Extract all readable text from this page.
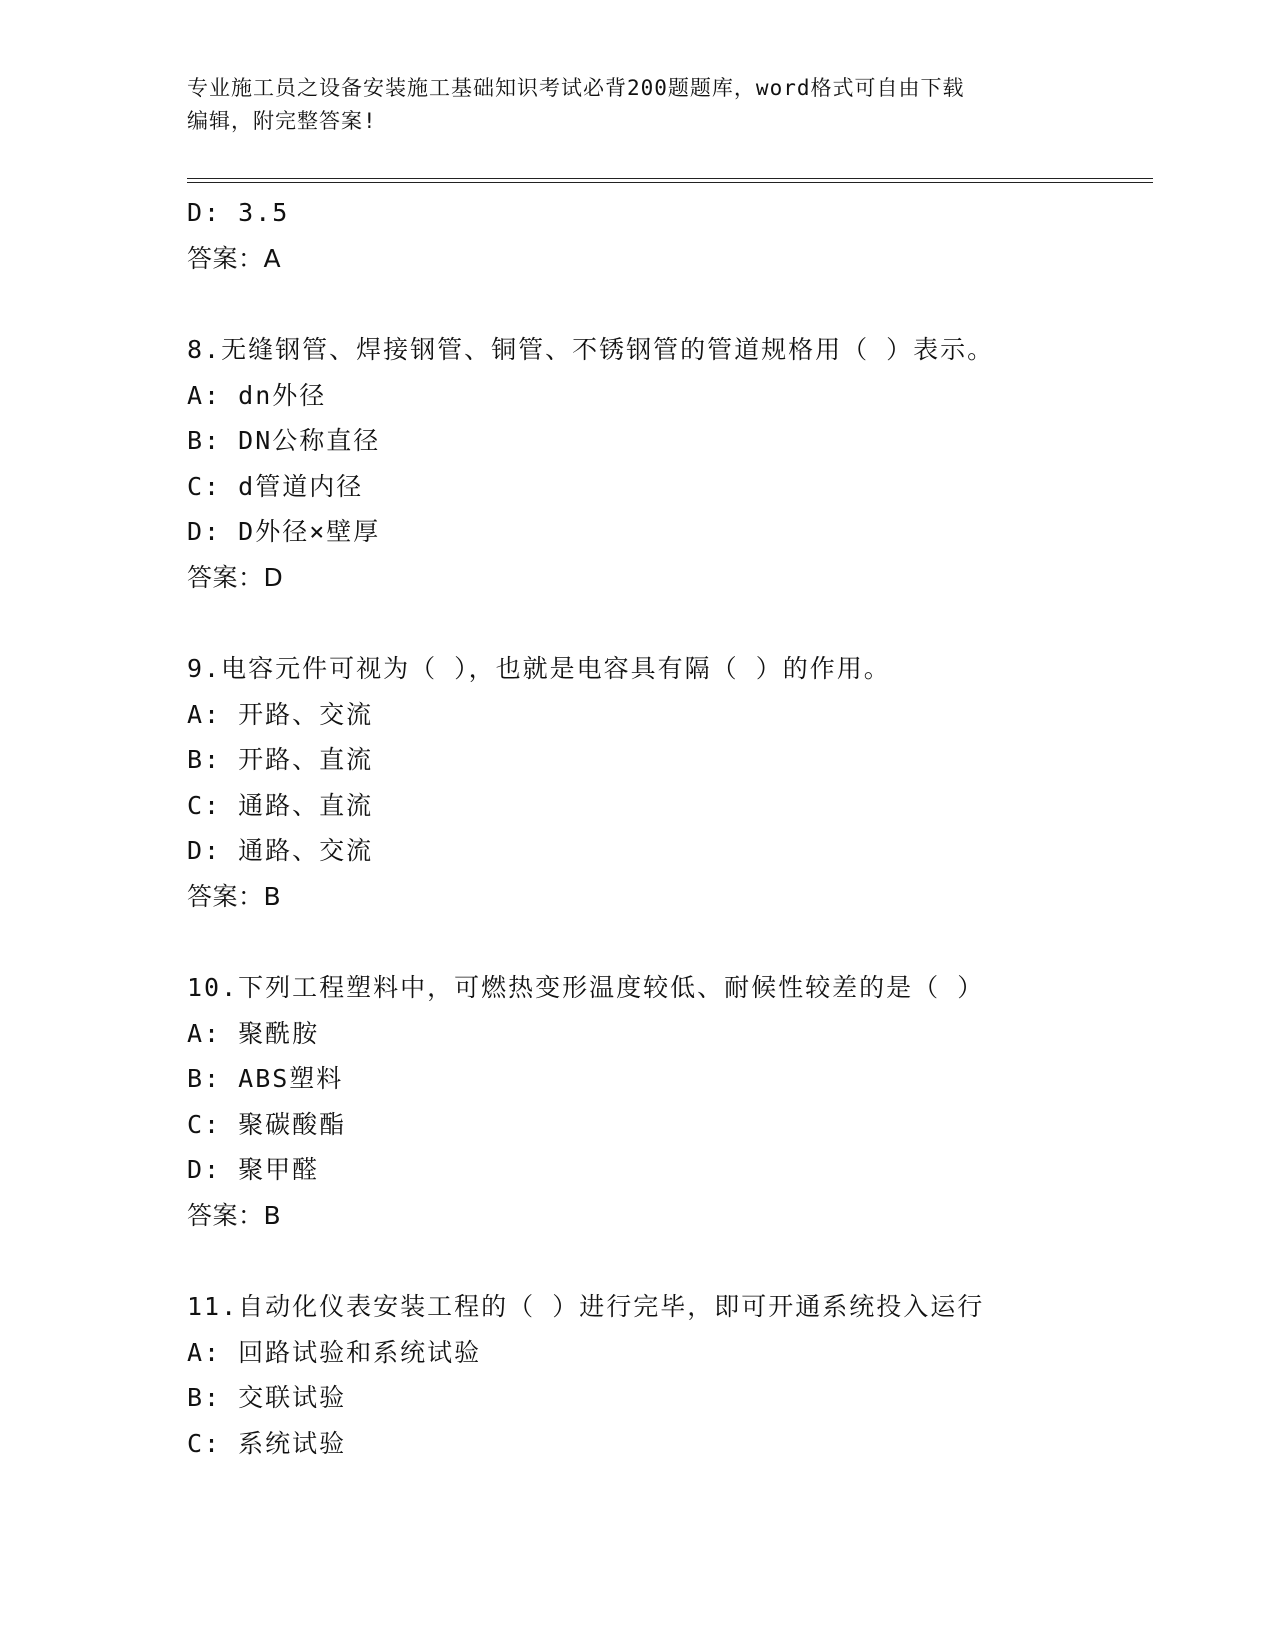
专业施工员之设备安装施工基础知识考试必背200题题库，word格式可自由下载
编辑，附完整答案!
D: 3.5
答案：A
8.无缝钢管、焊接钢管、铜管、不锈钢管的管道规格用（ ）表示。
A: dn外径
B: DN公称直径
C: d管道内径
D: D外径×壁厚
答案：D
9.电容元件可视为（ ），也就是电容具有隔（ ）的作用。
A: 开路、交流
B: 开路、直流
C: 通路、直流
D: 通路、交流
答案：B
10.下列工程塑料中，可燃热变形温度较低、耐候性较差的是（ ）
A: 聚酰胺
B: ABS塑料
C: 聚碳酸酯
D: 聚甲醛
答案：B
11.自动化仪表安装工程的（ ）进行完毕，即可开通系统投入运行
A: 回路试验和系统试验
B: 交联试验
C: 系统试验
